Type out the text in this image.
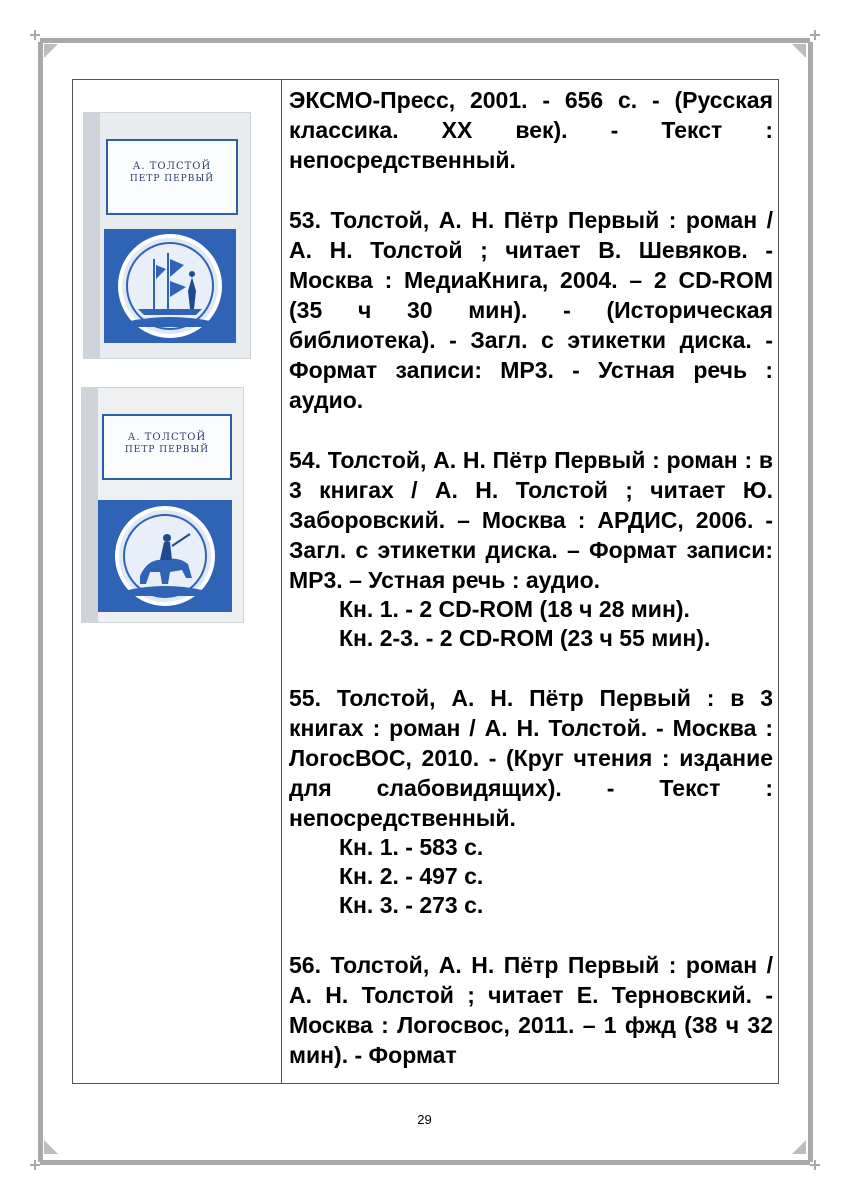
А. ТОЛСТОЙ
ПЕТР ПЕРВЫЙ
А. ТОЛСТОЙ
ПЕТР ПЕРВЫЙ

ЭКСМО-Пресс, 2001. - 656 с. - (Русская классика. XX век). - Текст : непосредственный.

53. Толстой, А. Н. Пётр Первый : роман / А. Н. Толстой ; читает В. Шевяков. - Москва : МедиаКнига, 2004. – 2 CD-ROM (35 ч 30 мин). - (Историческая библиотека). - Загл. с этикетки диска. - Формат записи: MP3. - Устная речь : аудио.

54. Толстой, А. Н. Пётр Первый : роман : в 3 книгах / А. Н. Толстой ; читает Ю. Заборовский. – Москва : АРДИС, 2006. - Загл. с этикетки диска. – Формат записи: MP3. – Устная речь : аудио.

Кн. 1. - 2 CD-ROM (18 ч 28 мин).

Кн. 2-3. - 2 CD-ROM (23 ч 55 мин).

55. Толстой, А. Н. Пётр Первый : в 3 книгах : роман / А. Н. Толстой. - Москва : ЛогосВОС, 2010. - (Круг чтения : издание для слабовидящих). - Текст : непосредственный.

Кн. 1. - 583 с.

Кн. 2. - 497 с.

Кн. 3. - 273 с.

56. Толстой, А. Н. Пётр Первый : роман / А. Н. Толстой ; читает Е. Терновский. - Москва : Логосвос, 2011. – 1 фжд (38 ч 32 мин). - Формат

29
